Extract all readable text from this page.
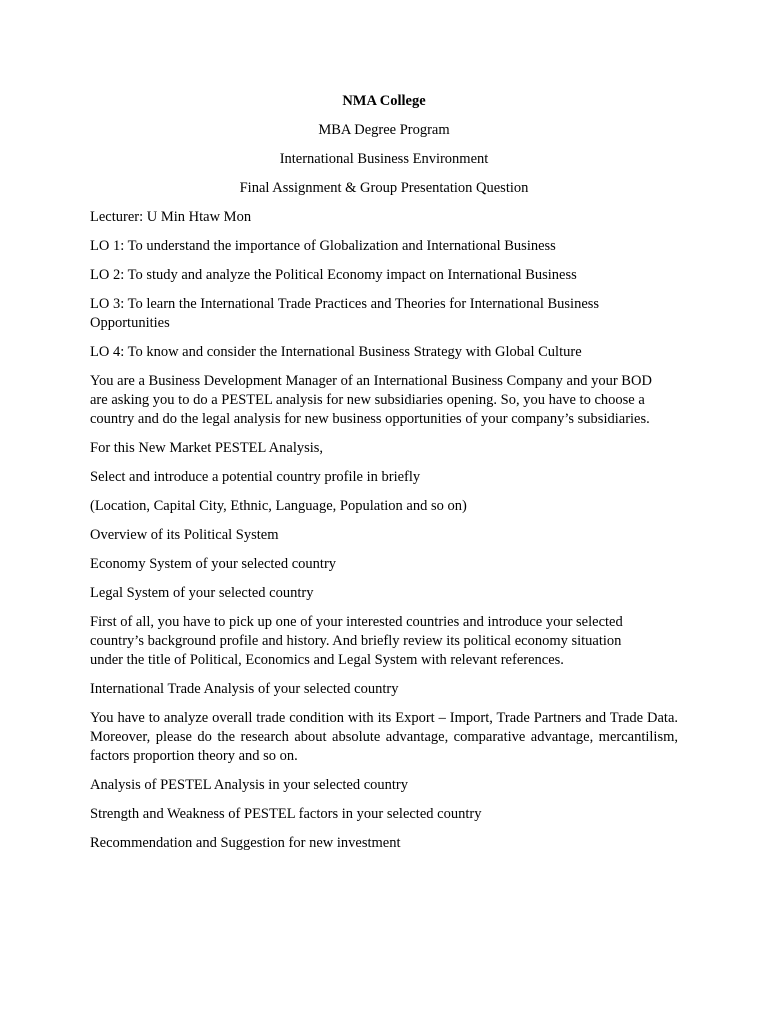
NMA College
MBA Degree Program
International Business Environment
Final Assignment & Group Presentation Question

Lecturer: U Min Htaw Mon

LO 1: To understand the importance of Globalization and International Business

LO 2: To study and analyze the Political Economy impact on International Business

LO 3: To learn the International Trade Practices and Theories for International Business Opportunities

LO 4: To know and consider the International Business Strategy with Global Culture

You are a Business Development Manager of an International Business Company and your BOD
are asking you to do a PESTEL analysis for new subsidiaries opening. So, you have to choose a
country and do the legal analysis for new business opportunities of your company’s subsidiaries.

For this New Market PESTEL Analysis,

Select and introduce a potential country profile in briefly

(Location, Capital City, Ethnic, Language, Population and so on)

Overview of its Political System

Economy System of your selected country

Legal System of your selected country

First of all, you have to pick up one of your interested countries and introduce your selected
country’s background profile and history. And briefly review its political economy situation
under the title of Political, Economics and Legal System with relevant references.

International Trade Analysis of your selected country

You have to analyze overall trade condition with its Export – Import, Trade Partners and Trade Data. Moreover, please do the research about absolute advantage, comparative advantage, mercantilism, factors proportion theory and so on.

Analysis of PESTEL Analysis in your selected country

Strength and Weakness of PESTEL factors in your selected country

Recommendation and Suggestion for new investment
